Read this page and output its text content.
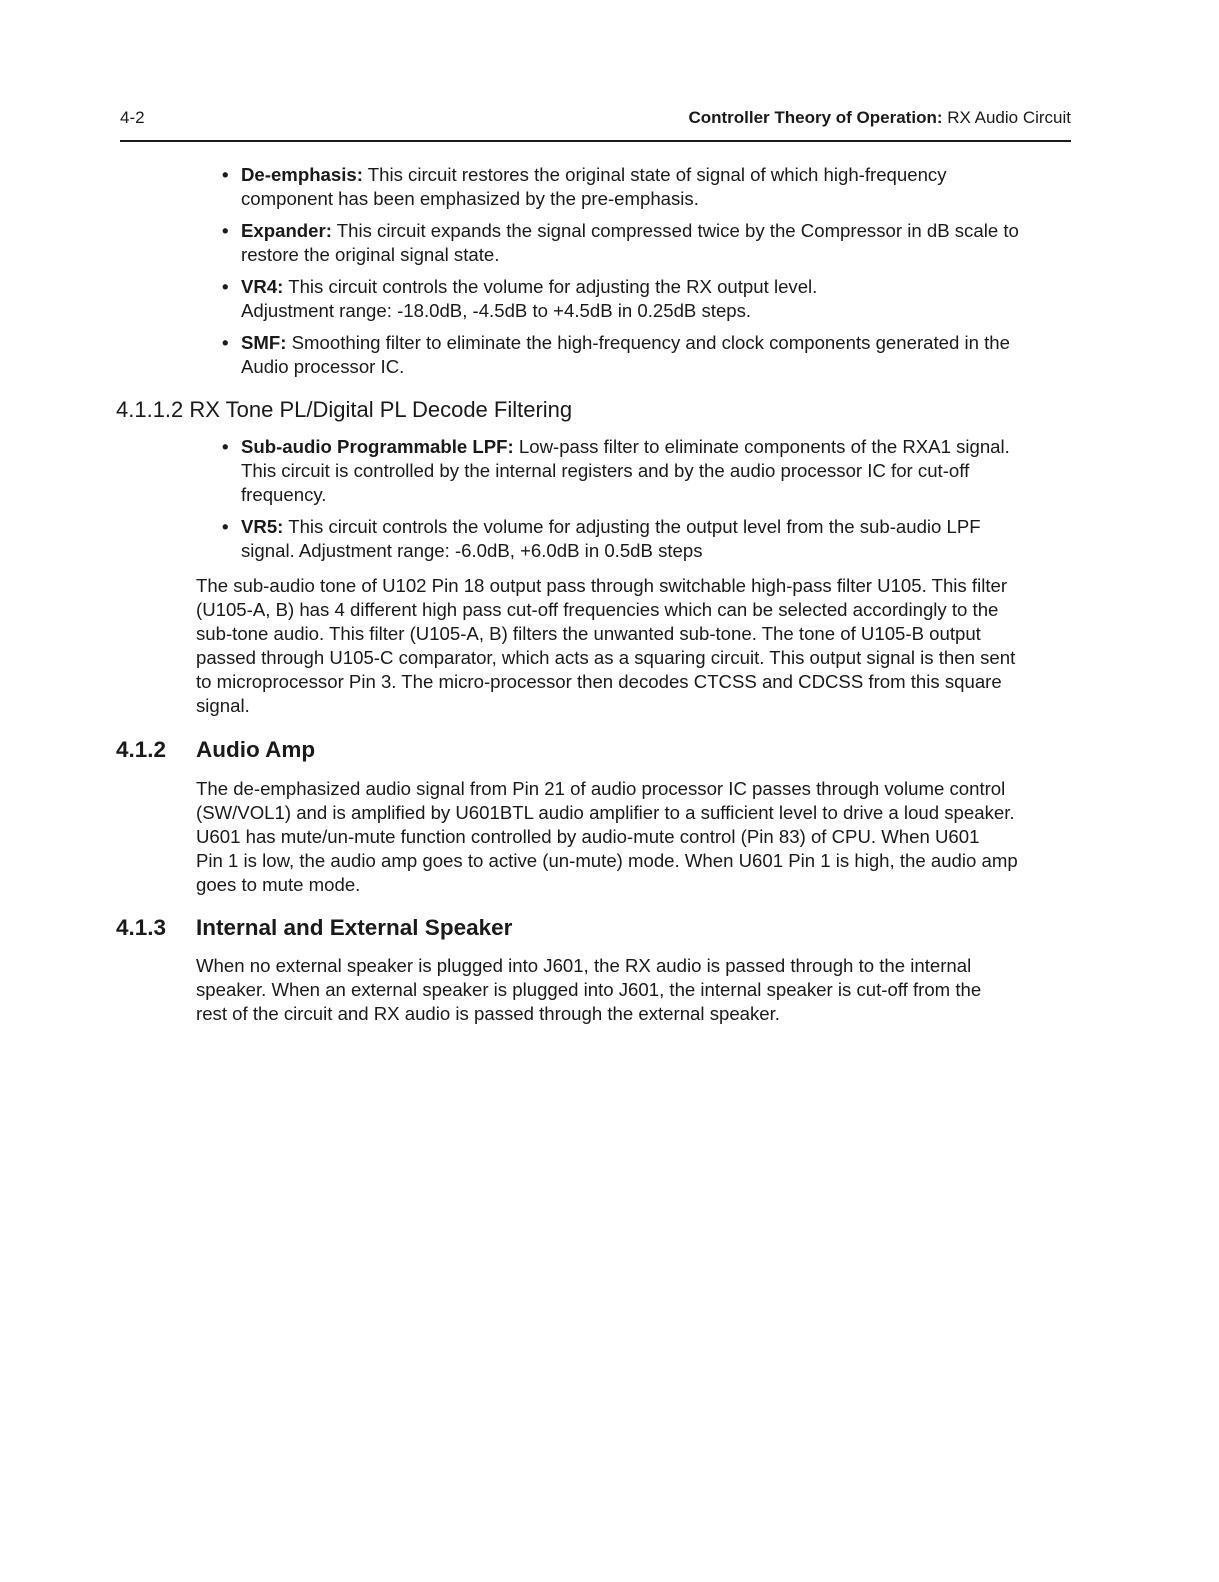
4-2	Controller Theory of Operation: RX Audio Circuit
• De-emphasis: This circuit restores the original state of signal of which high-frequency
component has been emphasized by the pre-emphasis.
• Expander: This circuit expands the signal compressed twice by the Compressor in dB scale to
restore the original signal state.
• VR4: This circuit controls the volume for adjusting the RX output level.
Adjustment range: -18.0dB, -4.5dB to +4.5dB in 0.25dB steps.
• SMF: Smoothing filter to eliminate the high-frequency and clock components generated in the
Audio processor IC.
4.1.1.2 RX Tone PL/Digital PL Decode Filtering
• Sub-audio Programmable LPF: Low-pass filter to eliminate components of the RXA1 signal.
This circuit is controlled by the internal registers and by the audio processor IC for cut-off
frequency.
• VR5: This circuit controls the volume for adjusting the output level from the sub-audio LPF
signal. Adjustment range: -6.0dB, +6.0dB in 0.5dB steps
The sub-audio tone of U102 Pin 18 output pass through switchable high-pass filter U105. This filter
(U105-A, B) has 4 different high pass cut-off frequencies which can be selected accordingly to the
sub-tone audio. This filter (U105-A, B) filters the unwanted sub-tone. The tone of U105-B output
passed through U105-C comparator, which acts as a squaring circuit. This output signal is then sent
to microprocessor Pin 3. The micro-processor then decodes CTCSS and CDCSS from this square
signal.
4.1.2 Audio Amp
The de-emphasized audio signal from Pin 21 of audio processor IC passes through volume control
(SW/VOL1) and is amplified by U601BTL audio amplifier to a sufficient level to drive a loud speaker.
U601 has mute/un-mute function controlled by audio-mute control (Pin 83) of CPU. When U601
Pin 1 is low, the audio amp goes to active (un-mute) mode. When U601 Pin 1 is high, the audio amp
goes to mute mode.
4.1.3 Internal and External Speaker
When no external speaker is plugged into J601, the RX audio is passed through to the internal
speaker. When an external speaker is plugged into J601, the internal speaker is cut-off from the
rest of the circuit and RX audio is passed through the external speaker.
